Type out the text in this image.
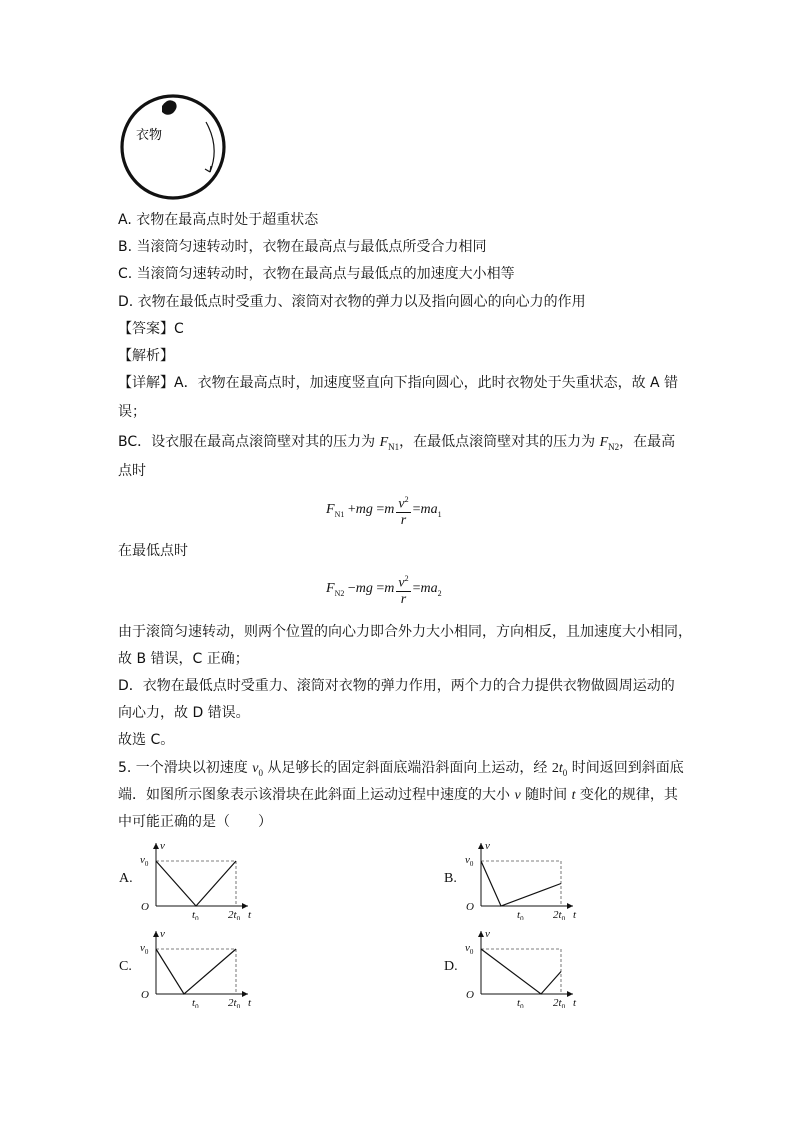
衣物
A. 衣物在最高点时处于超重状态
B. 当滚筒匀速转动时，衣物在最高点与最低点所受合力相同
C. 当滚筒匀速转动时，衣物在最高点与最低点的加速度大小相等
D. 衣物在最低点时受重力、滚筒对衣物的弹力以及指向圆心的向心力的作用
【答案】C
【解析】
【详解】A．衣物在最高点时，加速度竖直向下指向圆心，此时衣物处于失重状态，故 A 错
误；
BC．设衣服在最高点滚筒壁对其的压力为 $F_{N1}$，在最低点滚筒壁对其的压力为 $F_{N2}$，在最高
点时
$F_{N1} +mg =m \frac{v^2}{r} =ma_1$
在最低点时
$F_{N2} -mg =m \frac{v^2}{r} =ma_2$
由于滚筒匀速转动，则两个位置的向心力即合外力大小相同，方向相反，且加速度大小相同，
故 B 错误，C 正确；
D．衣物在最低点时受重力、滚筒对衣物的弹力作用，两个力的合力提供衣物做圆周运动的
向心力，故 D 错误。
故选 C。
5. 一个滑块以初速度 $v_0$ 从足够长的固定斜面底端沿斜面向上运动，经 $2t_0$ 时间返回到斜面底
端．如图所示图象表示该滑块在此斜面上运动过程中速度的大小 v 随时间 t 变化的规律，其
中可能正确的是（　　）
A.	B.
C.	D.
v
$v_0$
O
$t_0$	$2t_0$ t
v
$v_0$
O
$t_0$	$2t_0$ t
v
$v_0$
O
$t_0$	$2t_0$ t
v
$v_0$
O
$t_0$	$2t_0$ t
